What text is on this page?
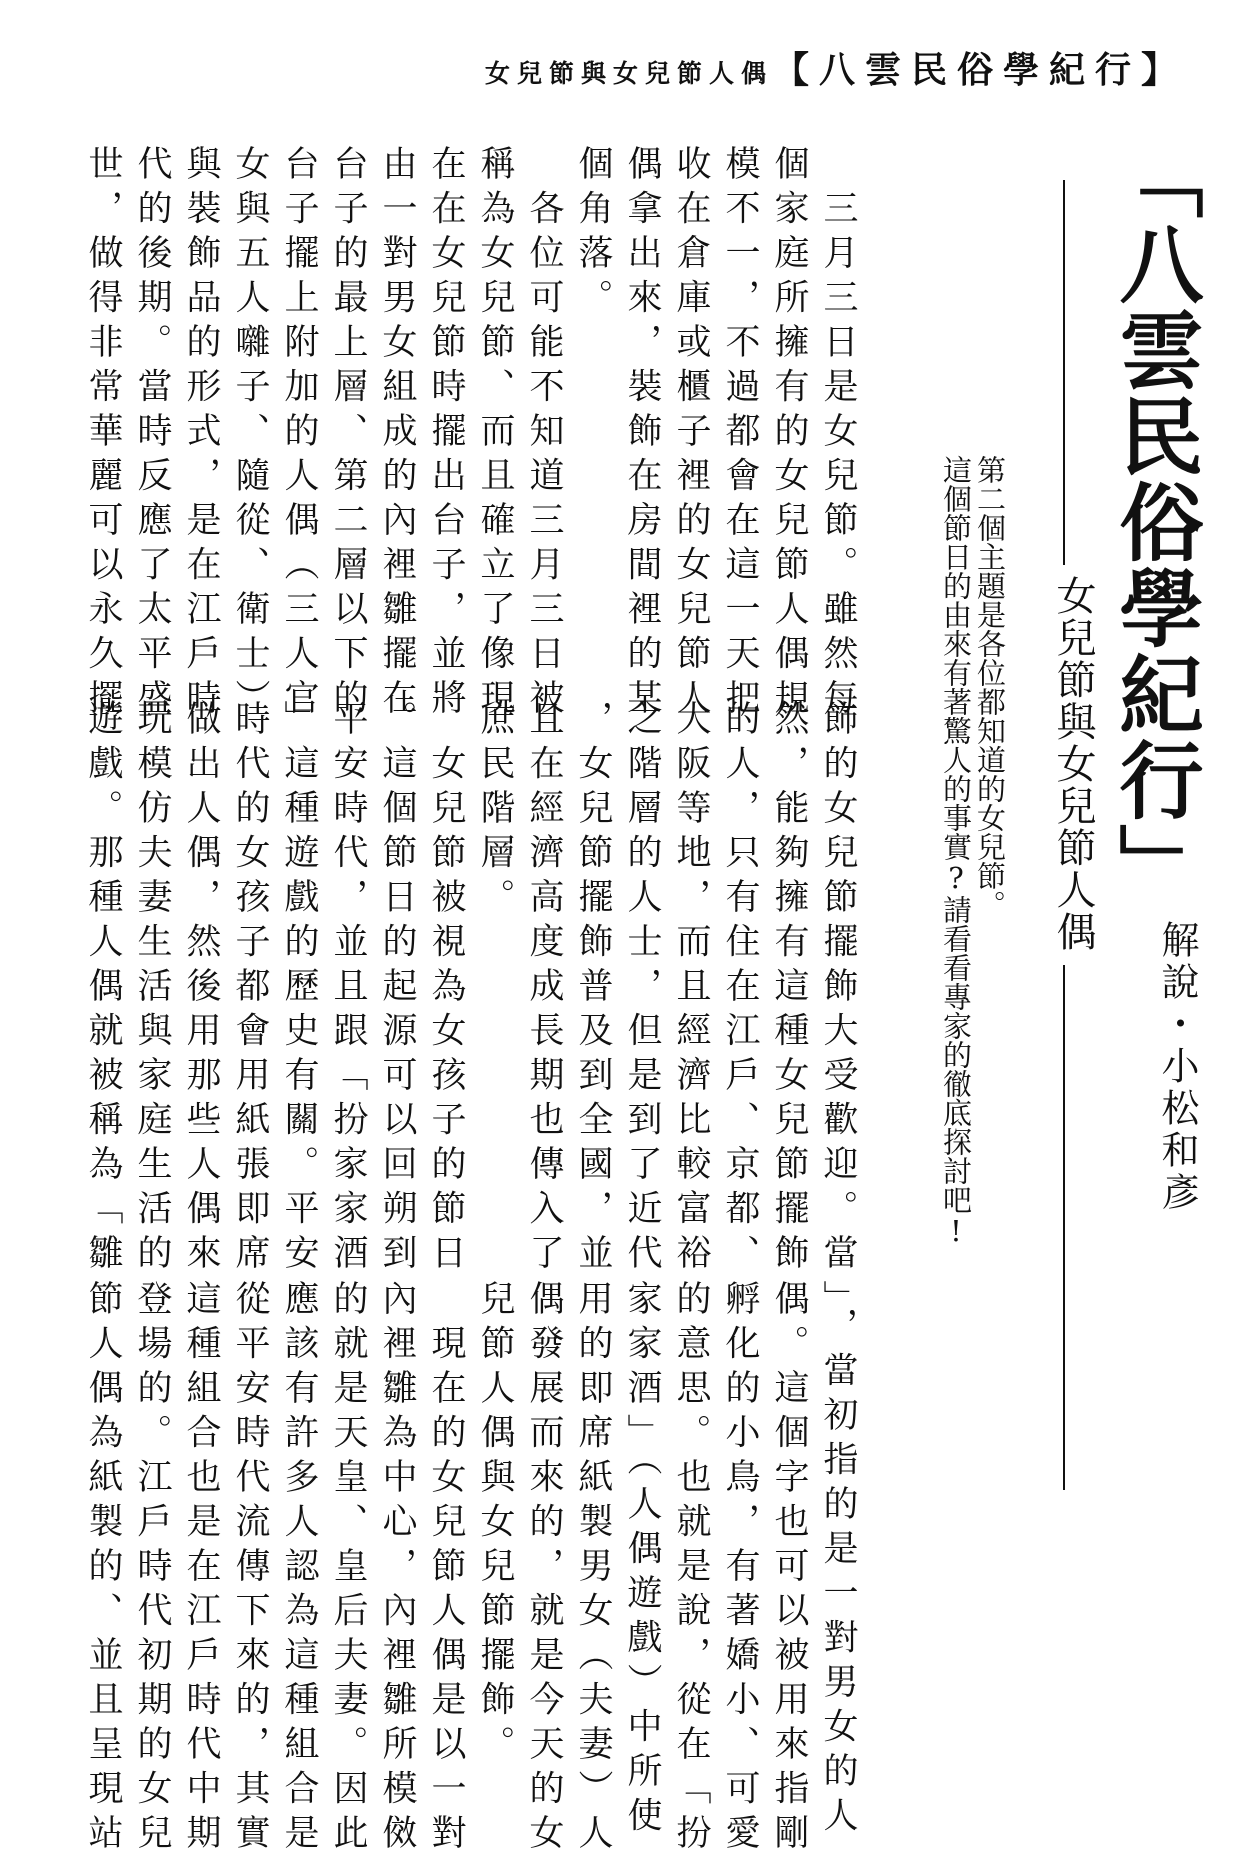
女兒節與女兒節人偶【八雲民俗學紀行】
「八雲民俗學紀行」
女兒節與女兒節人偶
解說・小松和彥
第二個主題是各位都知道的女兒節。
這個節日的由來有著驚人的事實?請看看專家的徹底探討吧!
　三月三日是女兒節。雖然每
個家庭所擁有的女兒節人偶規
模不一，不過都會在這一天把
收在倉庫或櫃子裡的女兒節人
偶拿出來，裝飾在房間裡的某
個角落。
　各位可能不知道三月三日被
稱為女兒節、而且確立了像現
在在女兒節時擺出台子，並將
由一對男女組成的內裡雛擺在
台子的最上層、第二層以下的
台子擺上附加的人偶（三人官
女與五人囃子、隨從、衛士）
與裝飾品的形式，是在江戶時
代的後期。當時反應了太平盛
世，做得非常華麗可以永久擺
飾的女兒節擺飾大受歡迎。當
然，能夠擁有這種女兒節擺飾
的人，只有住在江戶、京都、
大阪等地，而且經濟比較富裕
之階層的人士，但是到了近代
，女兒節擺飾普及到全國，並
且在經濟高度成長期也傳入了
庶民階層。
　女兒節被視為女孩子的節日
。這個節日的起源可以回朔到
平安時代，並且跟「扮家家酒
」這種遊戲的歷史有關。平安
時代的女孩子都會用紙張即席
做出人偶，然後用那些人偶來
玩模仿夫妻生活與家庭生活的
遊戲。那種人偶就被稱為「雛
」，當初指的是一對男女的人
偶。這個字也可以被用來指剛
孵化的小鳥，有著嬌小、可愛
的意思。也就是說，從在「扮
家家酒」（人偶遊戲）中所使
用的即席紙製男女（夫妻）人
偶發展而來的，就是今天的女
兒節人偶與女兒節擺飾。
　現在的女兒節人偶是以一對
內裡雛為中心，內裡雛所模傚
的就是天皇、皇后夫妻。因此
應該有許多人認為這種組合是
從平安時代流傳下來的，其實
這種組合也是在江戶時代中期
登場的。江戶時代初期的女兒
節人偶為紙製的、並且呈現站
